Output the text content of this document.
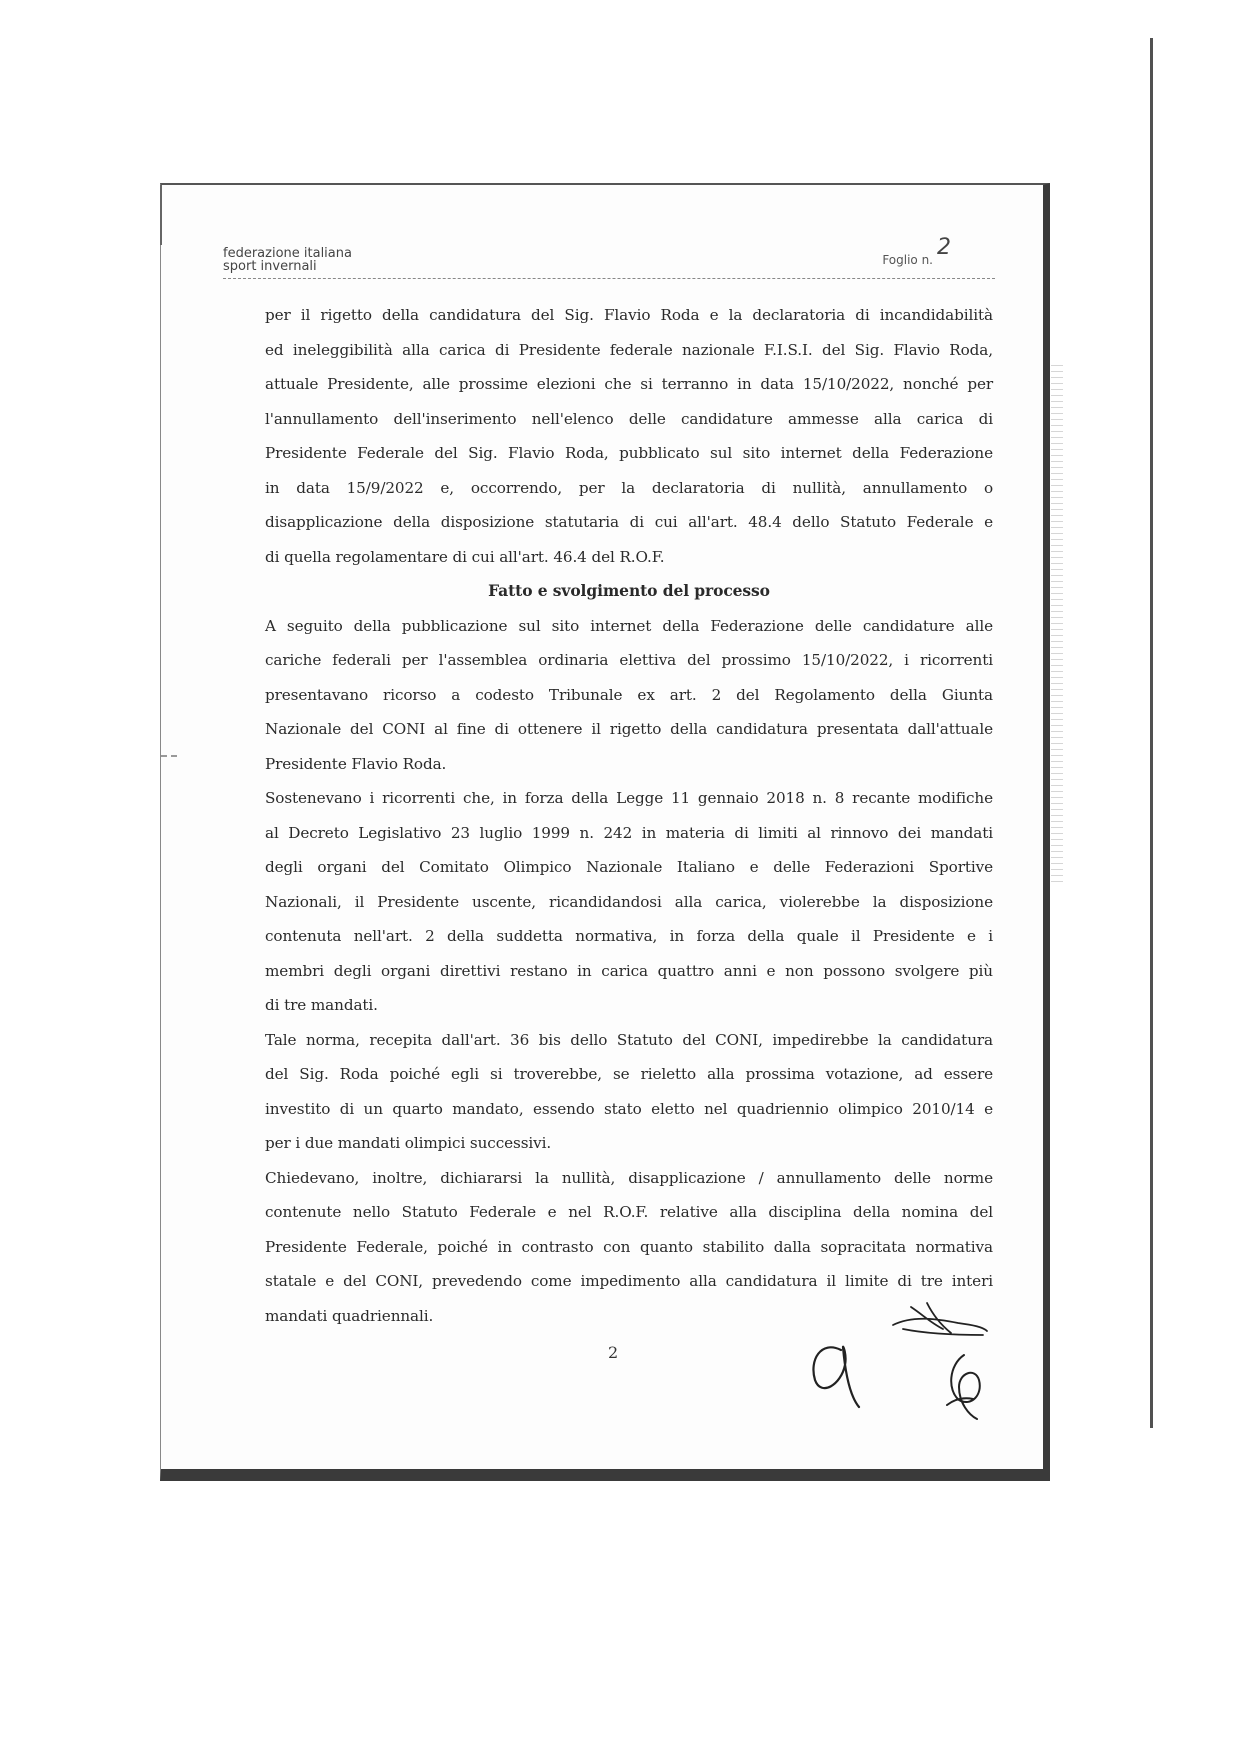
federazione italiana
sport invernali	Foglio n. 2

per il rigetto della candidatura del Sig. Flavio Roda e la declaratoria di incandidabilità
ed ineleggibilità alla carica di Presidente federale nazionale F.I.S.I. del Sig. Flavio Roda,
attuale Presidente, alle prossime elezioni che si terranno in data 15/10/2022, nonché per
l'annullamento dell'inserimento nell'elenco delle candidature ammesse alla carica di
Presidente Federale del Sig. Flavio Roda, pubblicato sul sito internet della Federazione
in data 15/9/2022 e, occorrendo, per la declaratoria di nullità, annullamento o
disapplicazione della disposizione statutaria di cui all'art. 48.4 dello Statuto Federale e
di quella regolamentare di cui all'art. 46.4 del R.O.F.

Fatto e svolgimento del processo

A seguito della pubblicazione sul sito internet della Federazione delle candidature alle
cariche federali per l'assemblea ordinaria elettiva del prossimo 15/10/2022, i ricorrenti
presentavano ricorso a codesto Tribunale ex art. 2 del Regolamento della Giunta
Nazionale del CONI al fine di ottenere il rigetto della candidatura presentata dall'attuale
Presidente Flavio Roda.

Sostenevano i ricorrenti che, in forza della Legge 11 gennaio 2018 n. 8 recante modifiche
al Decreto Legislativo 23 luglio 1999 n. 242 in materia di limiti al rinnovo dei mandati
degli organi del Comitato Olimpico Nazionale Italiano e delle Federazioni Sportive
Nazionali, il Presidente uscente, ricandidandosi alla carica, violerebbe la disposizione
contenuta nell'art. 2 della suddetta normativa, in forza della quale il Presidente e i
membri degli organi direttivi restano in carica quattro anni e non possono svolgere più
di tre mandati.

Tale norma, recepita dall'art. 36 bis dello Statuto del CONI, impedirebbe la candidatura
del Sig. Roda poiché egli si troverebbe, se rieletto alla prossima votazione, ad essere
investito di un quarto mandato, essendo stato eletto nel quadriennio olimpico 2010/14 e
per i due mandati olimpici successivi.

Chiedevano, inoltre, dichiararsi la nullità, disapplicazione / annullamento delle norme
contenute nello Statuto Federale e nel R.O.F. relative alla disciplina della nomina del
Presidente Federale, poiché in contrasto con quanto stabilito dalla sopracitata normativa
statale e del CONI, prevedendo come impedimento alla candidatura il limite di tre interi
mandati quadriennali.

2
